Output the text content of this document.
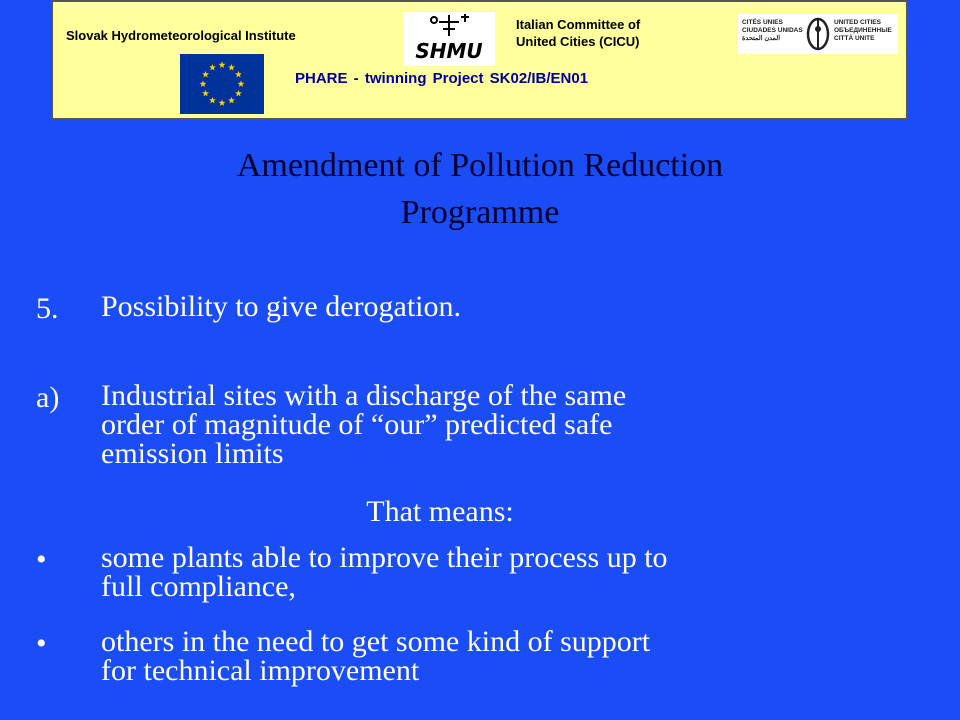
Slovak Hydrometeorological Institute
SHMU
Italian Committee of
United Cities (CICU)
CITÉS UNIES
CIUDADES UNIDAS
المدن المتحدة
UNITED CITIES
ОБЪЕДИНЕННЫЕ
CITTÀ UNITE
PHARE - twinning Project SK02/IB/EN01
Amendment of Pollution Reduction
Programme
5. Possibility to give derogation.
a) Industrial sites with a discharge of the same
order of magnitude of “our” predicted safe
emission limits
That means:
• some plants able to improve their process up to
full compliance,
• others in the need to get some kind of support
for technical improvement
